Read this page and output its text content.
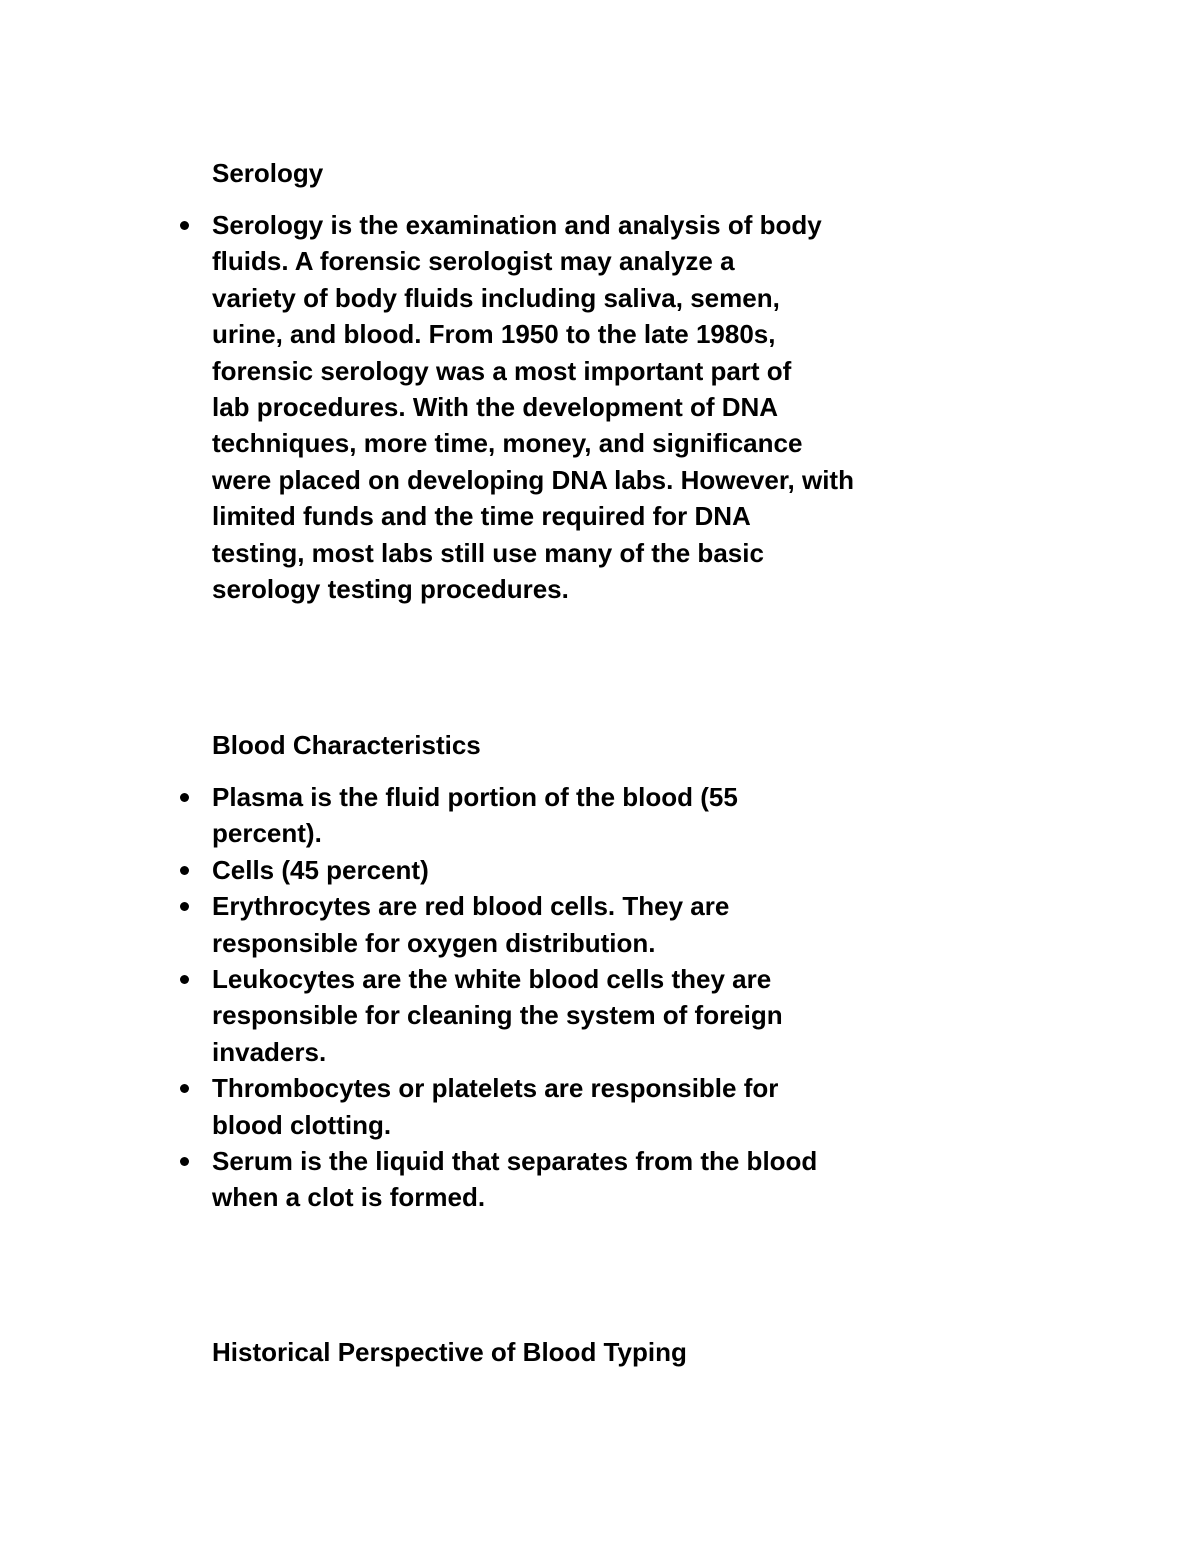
Serology
Serology is the examination and analysis of body
fluids. A forensic serologist may analyze a
variety of body fluids including saliva, semen,
urine, and blood. From 1950 to the late 1980s,
forensic serology was a most important part of
lab procedures. With the development of DNA
techniques, more time, money, and significance
were placed on developing DNA labs. However, with
limited funds and the time required for DNA
testing, most labs still use many of the basic
serology testing procedures.
Blood Characteristics
Plasma is the fluid portion of the blood (55
percent).
Cells (45 percent)
Erythrocytes are red blood cells. They are
responsible for oxygen distribution.
Leukocytes are the white blood cells they are
responsible for cleaning the system of foreign
invaders.
Thrombocytes or platelets are responsible for
blood clotting.
Serum is the liquid that separates from the blood
when a clot is formed.
Historical Perspective of Blood Typing
